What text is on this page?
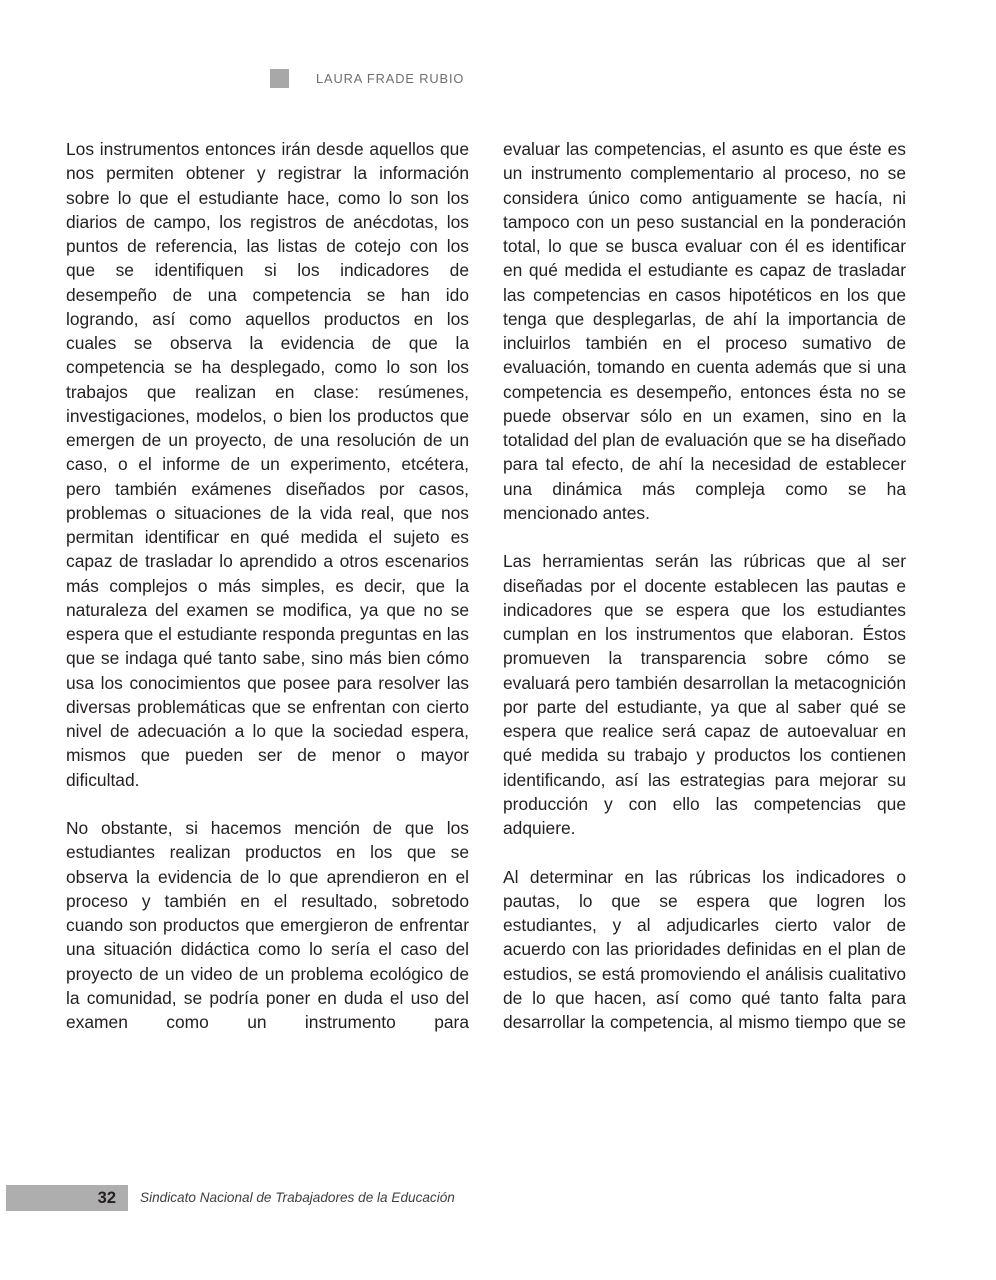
LAURA FRADE RUBIO

Los instrumentos entonces irán desde aquellos que nos permiten obtener y registrar la información sobre lo que el estudiante hace, como lo son los diarios de campo, los registros de anécdotas, los puntos de referencia, las listas de cotejo con los que se identifiquen si los indicadores de desempeño de una competencia se han ido logrando, así como aquellos productos en los cuales se observa la evidencia de que la competencia se ha desplegado, como lo son los trabajos que realizan en clase: resúmenes, investigaciones, modelos, o bien los productos que emergen de un proyecto, de una resolución de un caso, o el informe de un experimento, etcétera, pero también exámenes diseñados por casos, problemas o situaciones de la vida real, que nos permitan identificar en qué medida el sujeto es capaz de trasladar lo aprendido a otros escenarios más complejos o más simples, es decir, que la naturaleza del examen se modifica, ya que no se espera que el estudiante responda preguntas en las que se indaga qué tanto sabe, sino más bien cómo usa los conocimientos que posee para resolver las diversas problemáticas que se enfrentan con cierto nivel de adecuación a lo que la sociedad espera, mismos que pueden ser de menor o mayor dificultad.

No obstante, si hacemos mención de que los estudiantes realizan productos en los que se observa la evidencia de lo que aprendieron en el proceso y también en el resultado, sobretodo cuando son productos que emergieron de enfrentar una situación didáctica como lo sería el caso del proyecto de un video de un problema ecológico de la comunidad, se podría poner en duda el uso del examen como un instrumento para

evaluar las competencias, el asunto es que éste es un instrumento complementario al proceso, no se considera único como antiguamente se hacía, ni tampoco con un peso sustancial en la ponderación total, lo que se busca evaluar con él es identificar en qué medida el estudiante es capaz de trasladar las competencias en casos hipotéticos en los que tenga que desplegarlas, de ahí la importancia de incluirlos también en el proceso sumativo de evaluación, tomando en cuenta además que si una competencia es desempeño, entonces ésta no se puede observar sólo en un examen, sino en la totalidad del plan de evaluación que se ha diseñado para tal efecto, de ahí la necesidad de establecer una dinámica más compleja como se ha mencionado antes.

Las herramientas serán las rúbricas que al ser diseñadas por el docente establecen las pautas e indicadores que se espera que los estudiantes cumplan en los instrumentos que elaboran. Éstos promueven la transparencia sobre cómo se evaluará pero también desarrollan la metacognición por parte del estudiante, ya que al saber qué se espera que realice será capaz de autoevaluar en qué medida su trabajo y productos los contienen identificando, así las estrategias para mejorar su producción y con ello las competencias que adquiere.

Al determinar en las rúbricas los indicadores o pautas, lo que se espera que logren los estudiantes, y al adjudicarles cierto valor de acuerdo con las prioridades definidas en el plan de estudios, se está promoviendo el análisis cualitativo de lo que hacen, así como qué tanto falta para desarrollar la competencia, al mismo tiempo que se

32 Sindicato Nacional de Trabajadores de la Educación
